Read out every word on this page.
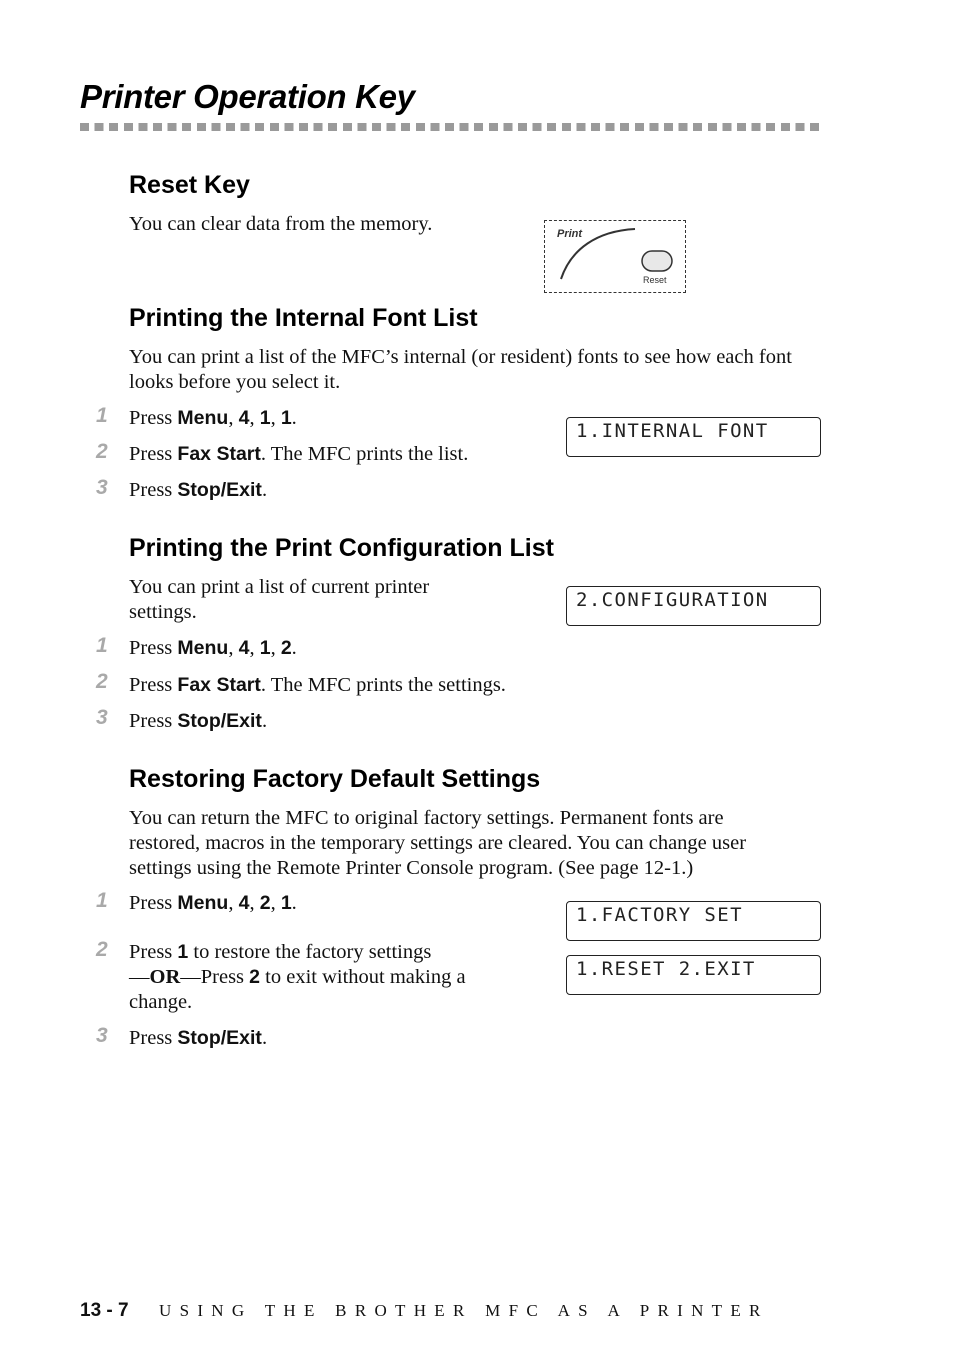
Printer Operation Key
Reset Key
You can clear data from the memory.	Print
Reset
Printing the Internal Font List
You can print a list of the MFC’s internal (or resident) fonts to see how each font
looks before you select it.
1	Press Menu, 4, 1, 1.
2	Press Fax Start. The MFC prints the list.
3	Press Stop/Exit.
1.INTERNAL FONT
Printing the Print Configuration List
You can print a list of current printer
settings.
2.CONFIGURATION
1	Press Menu, 4, 1, 2.
2	Press Fax Start. The MFC prints the settings.
3	Press Stop/Exit.
Restoring Factory Default Settings
You can return the MFC to original factory settings. Permanent fonts are
restored, macros in the temporary settings are cleared. You can change user
settings using the Remote Printer Console program. (See page 12-1.)
1	Press Menu, 4, 2, 1.
2	Press 1 to restore the factory settings
—OR—Press 2 to exit without making a
change.
3	Press Stop/Exit.
1.FACTORY SET
1.RESET 2.EXIT
13 - 7 USING THE BROTHER MFC AS A PRINTER
